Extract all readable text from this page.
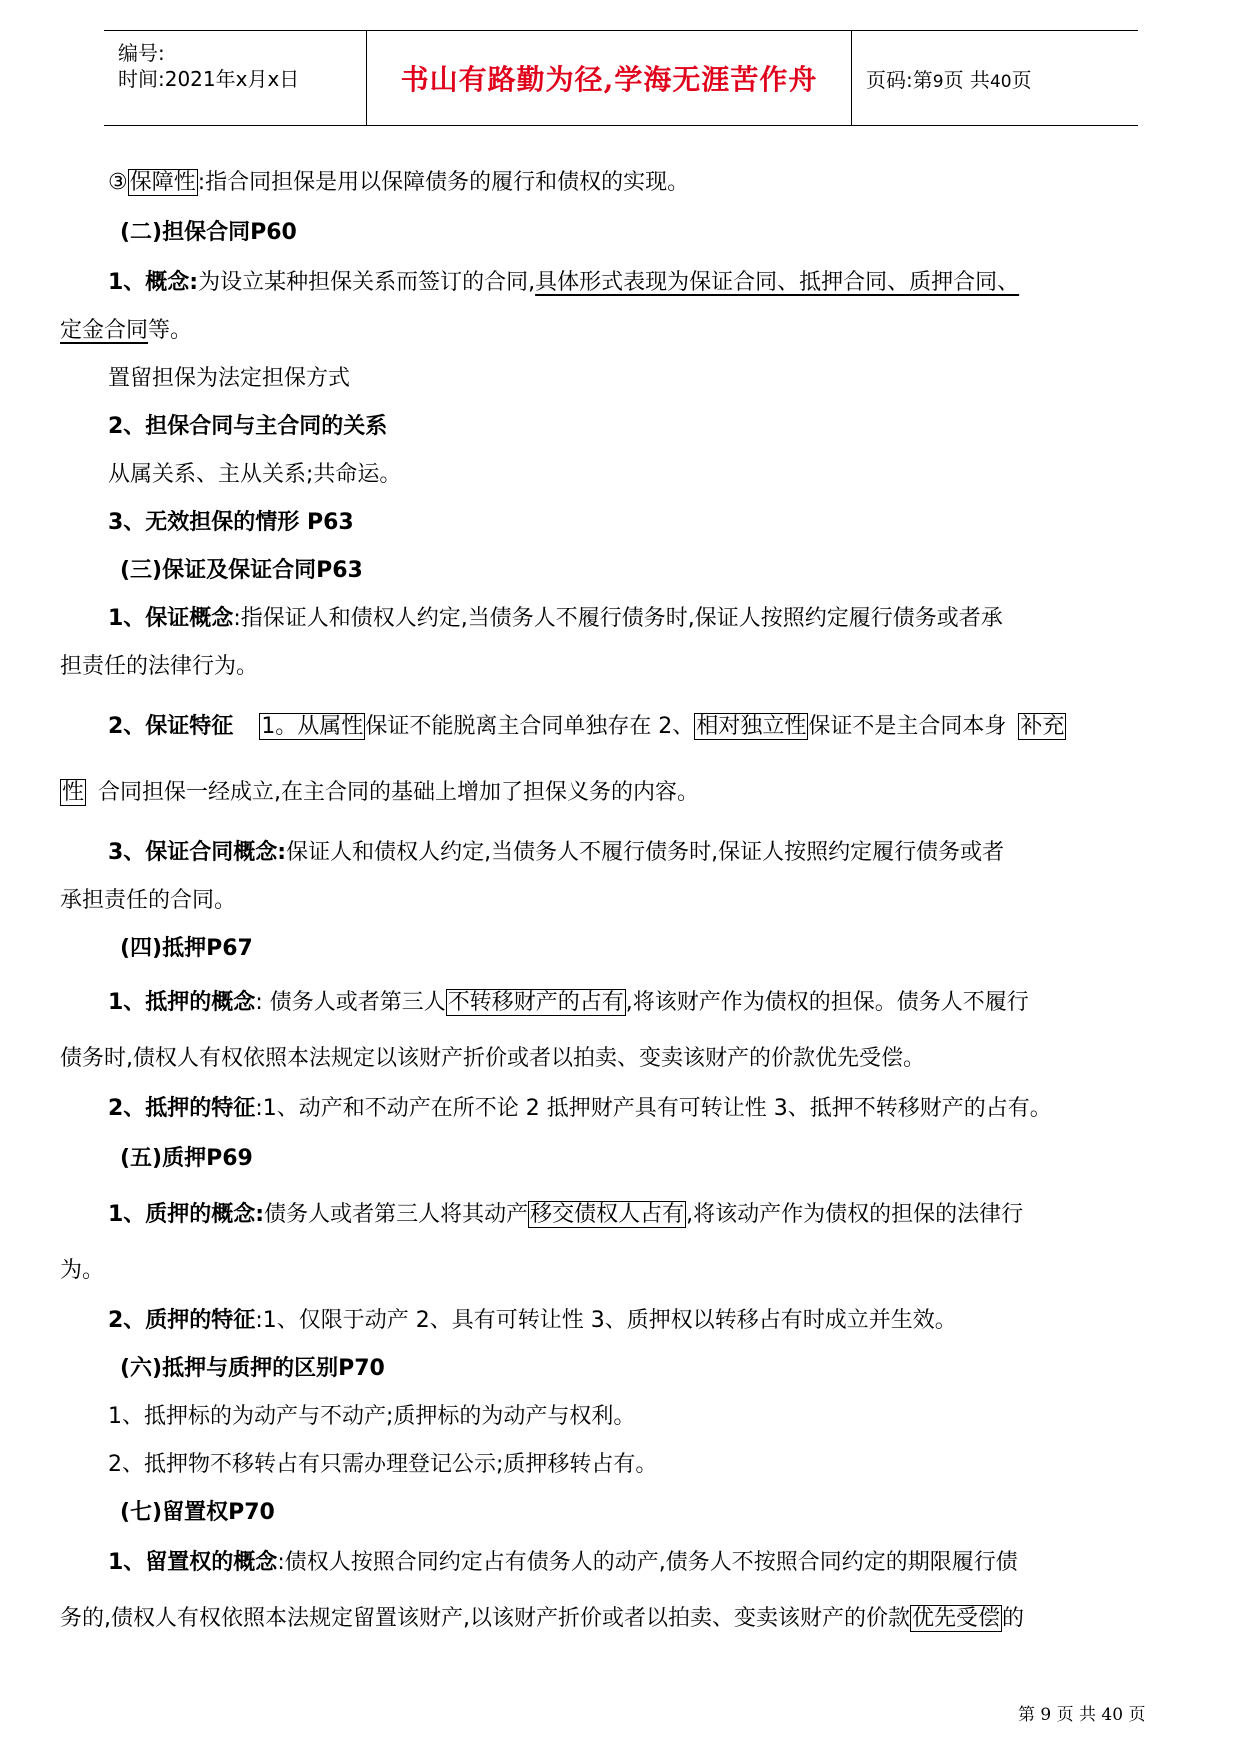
编号:
时间:2021年x月x日	书山有路勤为径,学海无涯苦作舟 页码:第9页 共40页
③保障性:指合同担保是用以保障债务的履行和债权的实现。
(二)担保合同P60
1、概念:为设立某种担保关系而签订的合同,具体形式表现为保证合同、抵押合同、质押合同、
定金合同等。
置留担保为法定担保方式
2、担保合同与主合同的关系
从属关系、主从关系;共命运。
3、无效担保的情形 P63
(三)保证及保证合同P63
1、保证概念:指保证人和债权人约定,当债务人不履行债务时,保证人按照约定履行债务或者承
担责任的法律行为。
2、保证特征 1。从属性保证不能脱离主合同单独存在 2、相对独立性保证不是主合同本身 补充
性 合同担保一经成立,在主合同的基础上增加了担保义务的内容。
3、保证合同概念:保证人和债权人约定,当债务人不履行债务时,保证人按照约定履行债务或者
承担责任的合同。
(四)抵押P67
1、抵押的概念: 债务人或者第三人不转移财产的占有,将该财产作为债权的担保。债务人不履行
债务时,债权人有权依照本法规定以该财产折价或者以拍卖、变卖该财产的价款优先受偿。
2、抵押的特征:1、动产和不动产在所不论 2 抵押财产具有可转让性 3、抵押不转移财产的占有。
(五)质押P69
1、质押的概念:债务人或者第三人将其动产移交债权人占有,将该动产作为债权的担保的法律行
为。
2、质押的特征:1、仅限于动产 2、具有可转让性 3、质押权以转移占有时成立并生效。
(六)抵押与质押的区别P70
1、抵押标的为动产与不动产;质押标的为动产与权利。
2、抵押物不移转占有只需办理登记公示;质押移转占有。
(七)留置权P70
1、留置权的概念:债权人按照合同约定占有债务人的动产,债务人不按照合同约定的期限履行债
务的,债权人有权依照本法规定留置该财产,以该财产折价或者以拍卖、变卖该财产的价款优先受偿的
第 9 页 共 40 页
